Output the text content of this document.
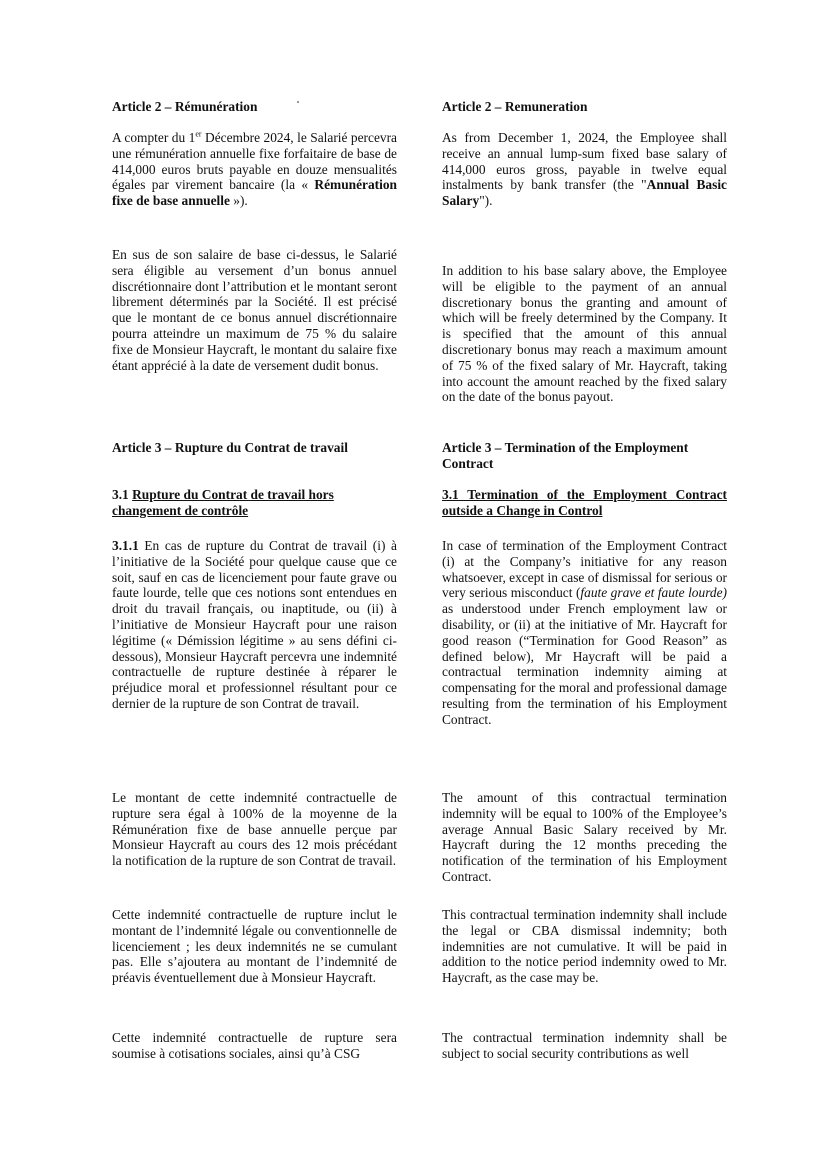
Article 2 – Rémunération

A compter du 1er Décembre 2024, le Salarié percevra une rémunération annuelle fixe forfaitaire de base de 414,000 euros bruts payable en douze mensualités égales par virement bancaire (la « Rémunération fixe de base annuelle »).

En sus de son salaire de base ci-dessus, le Salarié sera éligible au versement d’un bonus annuel discrétionnaire dont l’attribution et le montant seront librement déterminés par la Société. Il est précisé que le montant de ce bonus annuel discrétionnaire pourra atteindre un maximum de 75 % du salaire fixe de Monsieur Haycraft, le montant du salaire fixe étant apprécié à la date de versement dudit bonus.

Article 3 – Rupture du Contrat de travail

3.1 Rupture du Contrat de travail hors changement de contrôle

3.1.1 En cas de rupture du Contrat de travail (i) à l’initiative de la Société pour quelque cause que ce soit, sauf en cas de licenciement pour faute grave ou faute lourde, telle que ces notions sont entendues en droit du travail français, ou inaptitude, ou (ii) à l’initiative de Monsieur Haycraft pour une raison légitime (« Démission légitime » au sens défini ci-dessous), Monsieur Haycraft percevra une indemnité contractuelle de rupture destinée à réparer le préjudice moral et professionnel résultant pour ce dernier de la rupture de son Contrat de travail.

Le montant de cette indemnité contractuelle de rupture sera égal à 100% de la moyenne de la Rémunération fixe de base annuelle perçue par Monsieur Haycraft au cours des 12 mois précédant la notification de la rupture de son Contrat de travail.

Cette indemnité contractuelle de rupture inclut le montant de l’indemnité légale ou conventionnelle de licenciement ; les deux indemnités ne se cumulant pas. Elle s’ajoutera au montant de l’indemnité de préavis éventuellement due à Monsieur Haycraft.

Cette indemnité contractuelle de rupture sera soumise à cotisations sociales, ainsi qu’à CSG

Article 2 – Remuneration

As from December 1, 2024, the Employee shall receive an annual lump-sum fixed base salary of 414,000 euros gross, payable in twelve equal instalments by bank transfer (the "Annual Basic Salary").

In addition to his base salary above, the Employee will be eligible to the payment of an annual discretionary bonus the granting and amount of which will be freely determined by the Company. It is specified that the amount of this annual discretionary bonus may reach a maximum amount of 75 % of the fixed salary of Mr. Haycraft, taking into account the amount reached by the fixed salary on the date of the bonus payout.

Article 3 – Termination of the Employment Contract

3.1 Termination of the Employment Contract outside a Change in Control

In case of termination of the Employment Contract (i) at the Company’s initiative for any reason whatsoever, except in case of dismissal for serious or very serious misconduct (faute grave et faute lourde) as understood under French employment law or disability, or (ii) at the initiative of Mr. Haycraft for good reason (“Termination for Good Reason” as defined below), Mr Haycraft will be paid a contractual termination indemnity aiming at compensating for the moral and professional damage resulting from the termination of his Employment Contract.

The amount of this contractual termination indemnity will be equal to 100% of the Employee’s average Annual Basic Salary received by Mr. Haycraft during the 12 months preceding the notification of the termination of his Employment Contract.

This contractual termination indemnity shall include the legal or CBA dismissal indemnity; both indemnities are not cumulative. It will be paid in addition to the notice period indemnity owed to Mr. Haycraft, as the case may be.

The contractual termination indemnity shall be subject to social security contributions as well
